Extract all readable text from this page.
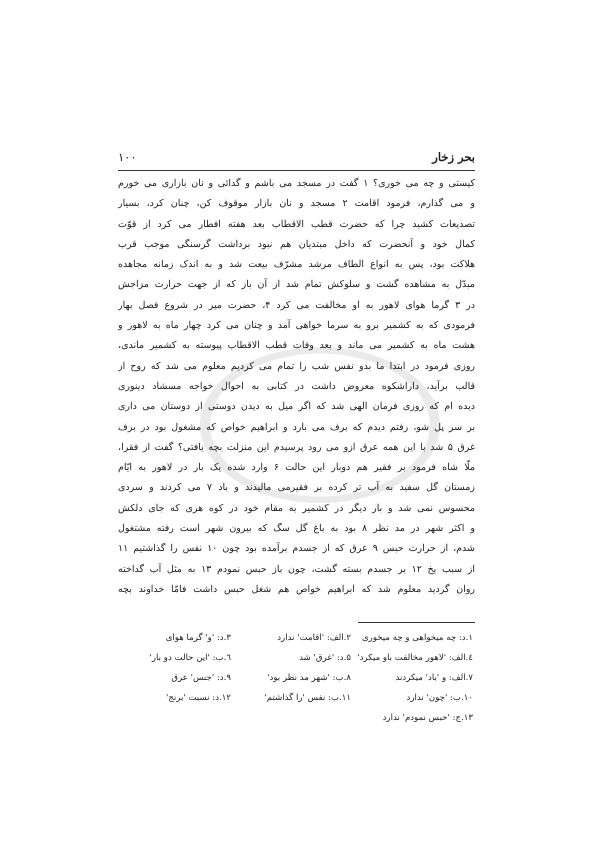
بحر زخار
۱۰۰
کیستی و چه می خوری؟ ۱ گفت در مسجد می باشم و گدائی و نان بازاری می خورم
و می گذارم، فرمود اقامت ۲ مسجد و نان بازار موقوف کن، چنان کرد، بسیار
تصدیعات کشید چرا که حضرت قطب الاقطاب بعد هفته افطار می کرد از قوّت
کمال خود و آنحضرت که داخل مبتدیان هم نبود برداشت گرسنگی موجب قرب
هلاکت بود، پس به انواع الطاف مرشد مشرّف بیعت شد و به اندک زمانه مجاهده
مبدّل به مشاهده گشت و سلوکش تمام شد از آن باز که از جهت حرارت مزاجش
در ۳ گرما هوای لاهور به او مخالفت می کرد ۴، حضرت میر در شروع فصل بهار
فرمودی که به کشمیر برو به سرما خواهی آمد و چنان می کرد چهار ماه به لاهور و
هشت ماه به کشمیر می ماند و بعد وفات قطب الاقطاب پیوسته به کشمیر ماندی،
روزی فرمود در ابتدا ما بدو نفس شب را تمام می کردیم معلوم می شد که روح از
قالب برآید، داراشکوه معروض داشت در کتابی به احوال خواجه مسشاد دینوری
دیده ام که روزی فرمان الهی شد که اگر میل به دیدن دوستی از دوستان می داری
بر سر پل شو، رفتم دیدم که برف می بارد و ابراهیم خواص که مشغول بود در برف
غرق ۵ شد با این همه عرق ازو می رود پرسیدم این منزلت بچه یافتی؟ گفت از فقرا،
ملّا شاه فرمود بر فقیر هم دوبار این حالت ۶ وارد شده یک بار در لاهور به ایّام
زمستان گل سفید به آب تر کرده بر فقیرمی مالیدند و باد ۷ می کردند و سردی
محسوس نمی شد و بار دیگر در کشمیر به مقام خود در کوه هری که جای دلکش
و اکثر شهر در مد نظر ۸ بود به باغ گل سگ که بیرون شهر است رفته مشتغول
شدم، از حرارت حبس ۹ عرق که از جسدم برآمده بود چون ۱۰ نفس را گذاشتیم ۱۱
از سبب یخ ۱۲ بر جسدم بسته گشت، چون باز حبس نمودم ۱۳ به مثل آب گداخته
روان گردید معلوم شد که ابراهیم خواص هم شغل حبس داشت فامّا خداوند بچه
۱.د: چه میخواهی و چه میخوری
۲.الف: 'اقامت' ندارد
۳.د: 'و' گرما هوای
٤.الف: 'لاهور مخالفت باو میکرد'
۵.د: 'غرق' شد
٦.ب: 'این حالت دو بار'
۷.الف: و 'باد' میکردند
۸.ب: 'شهر مد نظر بود'
۹.د: 'جنس' عرق
۱۰.ب: 'چون' ندارد
۱۱.ب: نفس 'را گذاشتم'
۱۲.د: نسبت 'برنج'
۱۳.ج: 'حبس نمودم' ندارد
